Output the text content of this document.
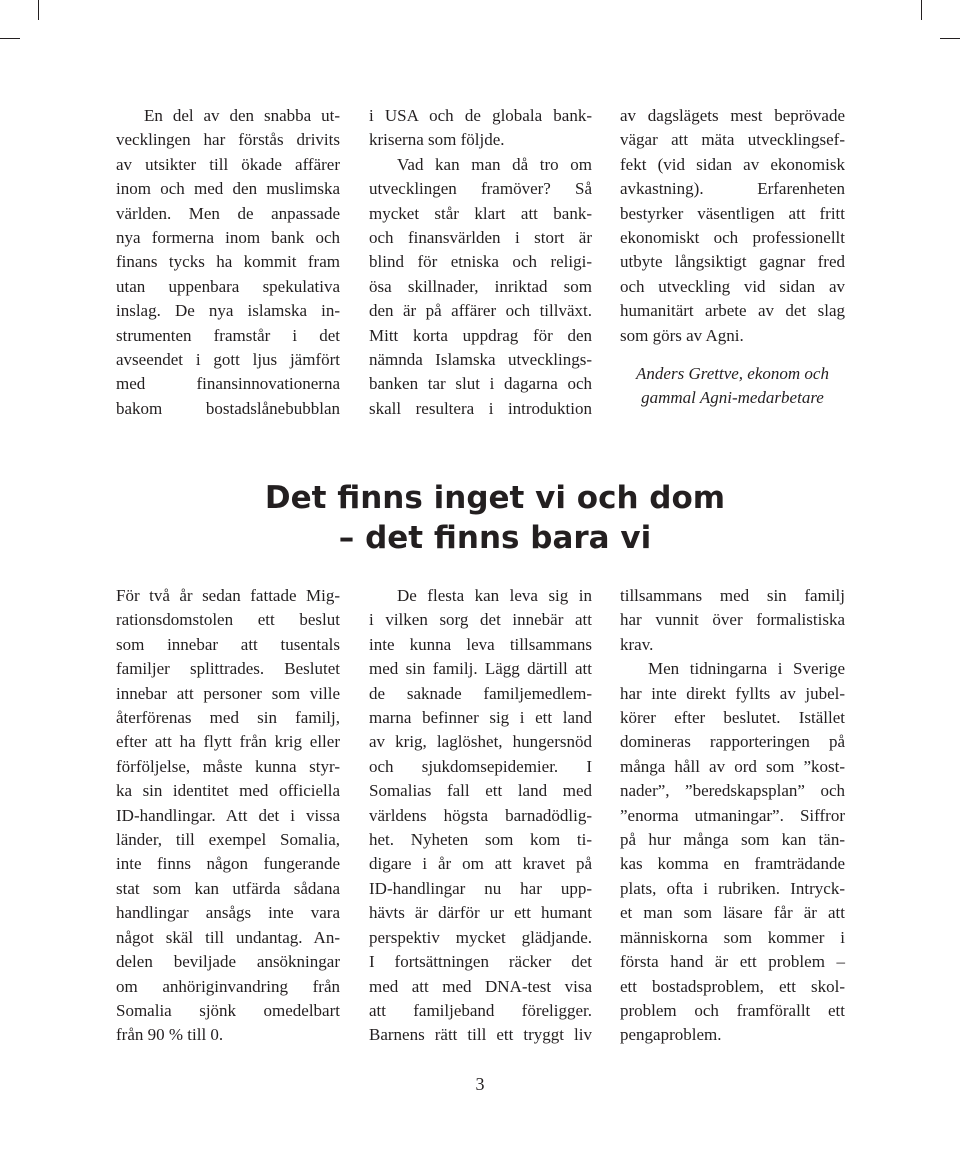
En del av den snabba ut-
vecklingen har förstås drivits
av utsikter till ökade affärer
inom och med den muslimska
världen. Men de anpassade
nya formerna inom bank och
finans tycks ha kommit fram
utan uppenbara spekulativa
inslag. De nya islamska in-
strumenten framstår i det
avseendet i gott ljus jämfört
med finansinnovationerna
bakom bostadslånebubblan
i USA och de globala bank-
kriserna som följde.
Vad kan man då tro om
utvecklingen framöver? Så
mycket står klart att bank-
och finansvärlden i stort är
blind för etniska och religi-
ösa skillnader, inriktad som
den är på affärer och tillväxt.
Mitt korta uppdrag för den
nämnda Islamska utvecklings-
banken tar slut i dagarna och
skall resultera i introduktion
av dagslägets mest beprövade
vägar att mäta utvecklingsef-
fekt (vid sidan av ekonomisk
avkastning). Erfarenheten
bestyrker väsentligen att fritt
ekonomiskt och professionellt
utbyte långsiktigt gagnar fred
och utveckling vid sidan av
humanitärt arbete av det slag
som görs av Agni.
Anders Grettve, ekonom och
gammal Agni-medarbetare
Det finns inget vi och dom
– det finns bara vi
För två år sedan fattade Mig-
rationsdomstolen ett beslut
som innebar att tusentals
familjer splittrades. Beslutet
innebar att personer som ville
återförenas med sin familj,
efter att ha flytt från krig eller
förföljelse, måste kunna styr-
ka sin identitet med officiella
ID-handlingar. Att det i vissa
länder, till exempel Somalia,
inte finns någon fungerande
stat som kan utfärda sådana
handlingar ansågs inte vara
något skäl till undantag. An-
delen beviljade ansökningar
om anhöriginvandring från
Somalia sjönk omedelbart
från 90 % till 0.
De flesta kan leva sig in
i vilken sorg det innebär att
inte kunna leva tillsammans
med sin familj. Lägg därtill att
de saknade familjemedlem-
marna befinner sig i ett land
av krig, laglöshet, hungersnöd
och sjukdomsepidemier. I
Somalias fall ett land med
världens högsta barnadödlig-
het. Nyheten som kom ti-
digare i år om att kravet på
ID-handlingar nu har upp-
hävts är därför ur ett humant
perspektiv mycket glädjande.
I fortsättningen räcker det
med att med DNA-test visa
att familjeband föreligger.
Barnens rätt till ett tryggt liv
tillsammans med sin familj
har vunnit över formalistiska
krav.
Men tidningarna i Sverige
har inte direkt fyllts av jubel-
körer efter beslutet. Istället
domineras rapporteringen på
många håll av ord som ”kost-
nader”, ”beredskapsplan” och
”enorma utmaningar”. Siffror
på hur många som kan tän-
kas komma en framträdande
plats, ofta i rubriken. Intryck-
et man som läsare får är att
människorna som kommer i
första hand är ett problem –
ett bostadsproblem, ett skol-
problem och framförallt ett
pengaproblem.
3
